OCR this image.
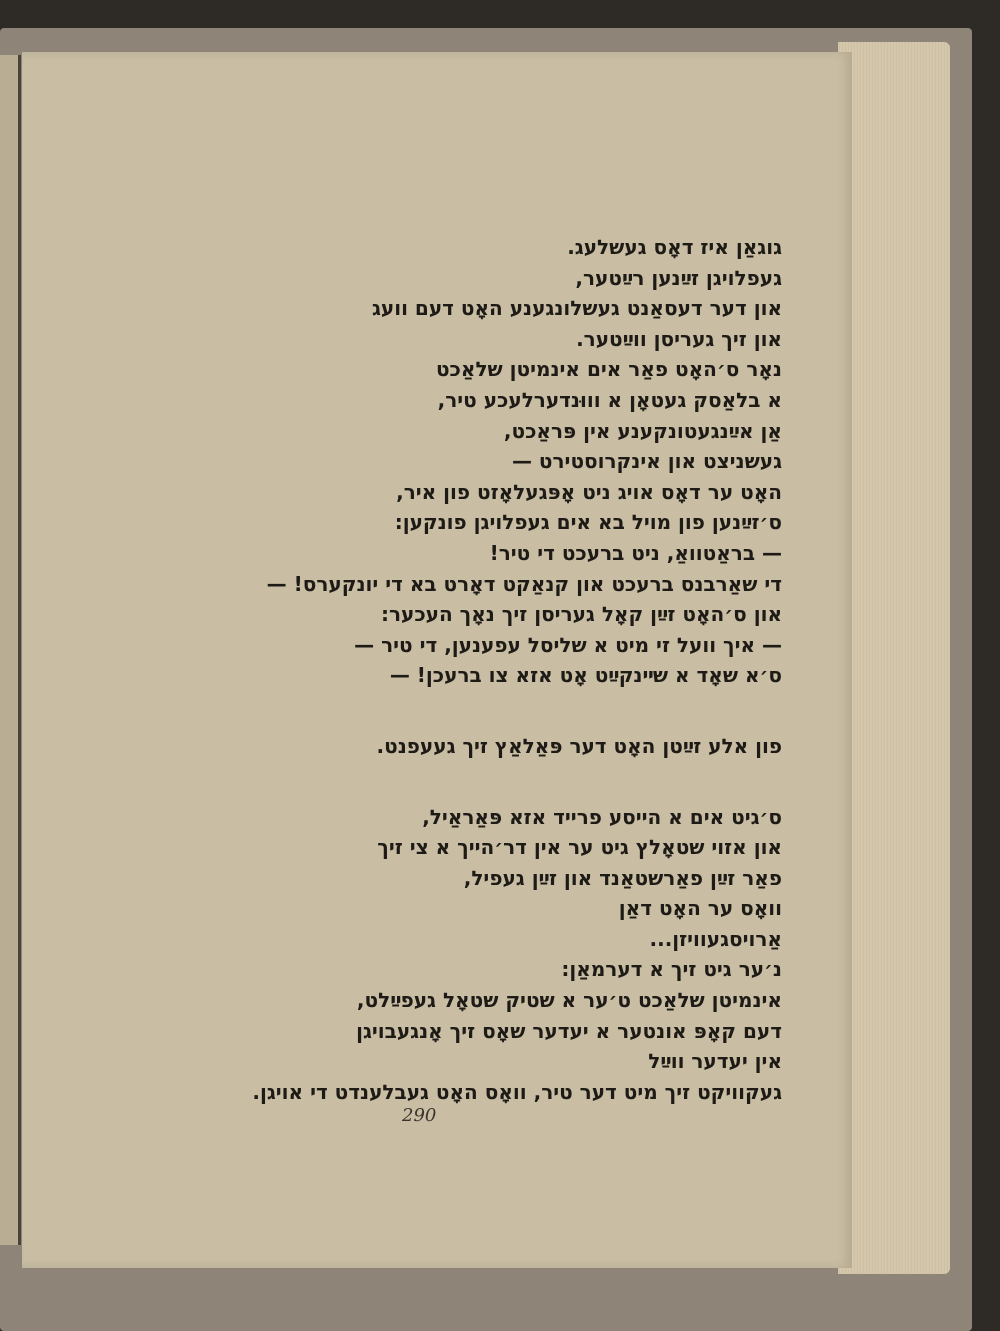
גוגאַן איז דאָס געשלעג.
געפלויגן זײַנען רײַטער,
און דער דעסאַנט געשלונגענע האָט דעם וועג
און זיך געריסן ווײַטער.
נאָר ס׳האָט פאַר אים אינמיטן שלאַכט
א בלאַסק געטאָן א וווּנדערלעכע טיר,
אַן אײַנגעטונקענע אין פּראַכט,
געשניצט און אינקרוסטירט —
האָט ער דאָס אויג ניט אָפּגעלאָזט פון איר,
ס׳זײַנען פון מויל בא אים געפלויגן פונקען:
— בראַטוואַ, ניט ברעכט די טיר!
די שאַרבנס ברעכט און קנאַקט דאָרט בא די יונקערס! —
און ס׳האָט זײַן קאָל געריסן זיך נאָך העכער:
— איך וועל זי מיט א שליסל עפענען, די טיר —
ס׳א שאָד א שײנקײַט אָט אזא צו ברעכן! —
פון אלע זײַטן האָט דער פּאַלאַץ זיך געעפנט.
ס׳גיט אים א הייסע פרייד אזא פּאַראַיל,
און אזוי שטאָלץ גיט ער אין דר׳הייך א צי זיך
פאַר זײַן פאַרשטאַנד און זײַן געפיל,
וואָס ער האָט דאַן
אַרויסגעוויזן...
נ׳ער גיט זיך א דערמאַן:
אינמיטן שלאַכט ט׳ער א שטיק שטאָל געפײַלט,
דעם קאָפּ אונטער א יעדער שאָס זיך אָנגעבויגן
אין יעדער ווײַל
געקוויקט זיך מיט דער טיר, וואָס האָט געבלענדט די אויגן.
290
